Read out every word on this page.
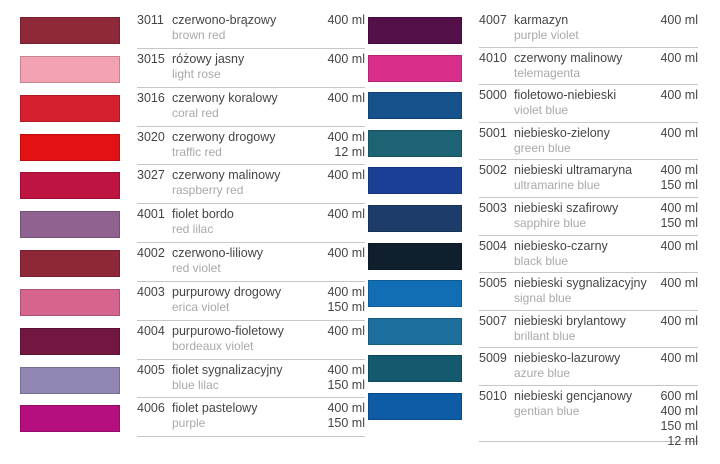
3011 czerwono-brązowy
brown red
400 ml
3015 różowy jasny
light rose
400 ml
3016 czerwony koralowy
coral red
400 ml
3020 czerwony drogowy
traffic red
400 ml
12 ml
3027 czerwony malinowy
raspberry red
400 ml
4001 fiolet bordo
red lilac
400 ml
4002 czerwono-liliowy
red violet
400 ml
4003 purpurowy drogowy
erica violet
400 ml
150 ml
4004 purpurowo-fioletowy
bordeaux violet
400 ml
4005 fiolet sygnalizacyjny
blue lilac
400 ml
150 ml
4006 fiolet pastelowy
purple
400 ml
150 ml
4007 karmazyn
purple violet
400 ml
4010 czerwony malinowy
telemagenta
400 ml
5000 fioletowo-niebieski
violet blue
400 ml
5001 niebiesko-zielony
green blue
400 ml
5002 niebieski ultramaryna
ultramarine blue
400 ml
150 ml
5003 niebieski szafirowy
sapphire blue
400 ml
150 ml
5004 niebiesko-czarny
black blue
400 ml
5005 niebieski sygnalizacyjny
signal blue
400 ml
5007 niebieski brylantowy
brillant blue
400 ml
5009 niebiesko-lazurowy
azure blue
400 ml
5010 niebieski gencjanowy
gentian blue
600 ml
400 ml
150 ml
12 ml
